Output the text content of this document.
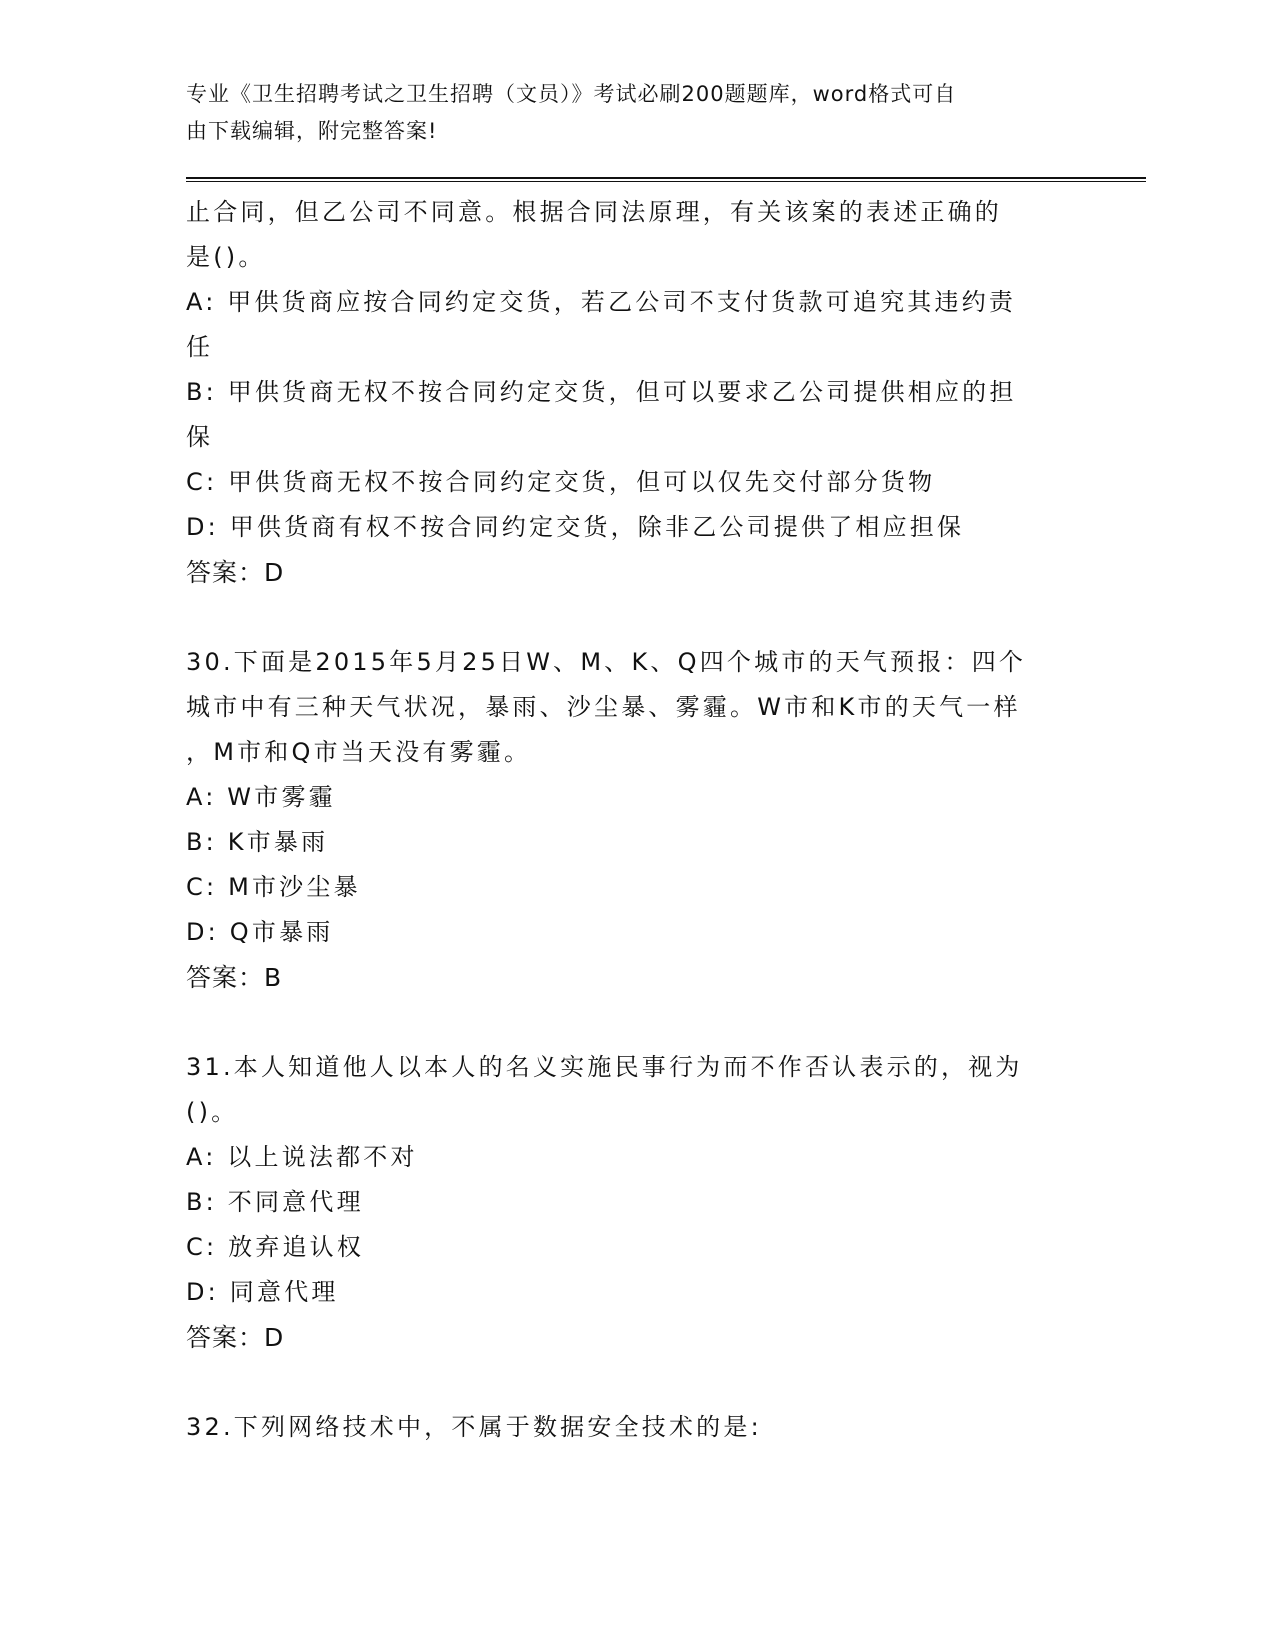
专业《卫生招聘考试之卫生招聘（文员）》考试必刷200题题库，word格式可自
由下载编辑，附完整答案!
止合同，但乙公司不同意。根据合同法原理，有关该案的表述正确的
是()。
A: 甲供货商应按合同约定交货，若乙公司不支付货款可追究其违约责
任
B: 甲供货商无权不按合同约定交货，但可以要求乙公司提供相应的担
保
C: 甲供货商无权不按合同约定交货，但可以仅先交付部分货物
D: 甲供货商有权不按合同约定交货，除非乙公司提供了相应担保
答案：D
30.下面是2015年5月25日W、M、K、Q四个城市的天气预报：四个
城市中有三种天气状况，暴雨、沙尘暴、雾霾。W市和K市的天气一样
，M市和Q市当天没有雾霾。
A: W市雾霾
B: K市暴雨
C: M市沙尘暴
D: Q市暴雨
答案：B
31.本人知道他人以本人的名义实施民事行为而不作否认表示的，视为
()。
A: 以上说法都不对
B: 不同意代理
C: 放弃追认权
D: 同意代理
答案：D
32.下列网络技术中，不属于数据安全技术的是:
